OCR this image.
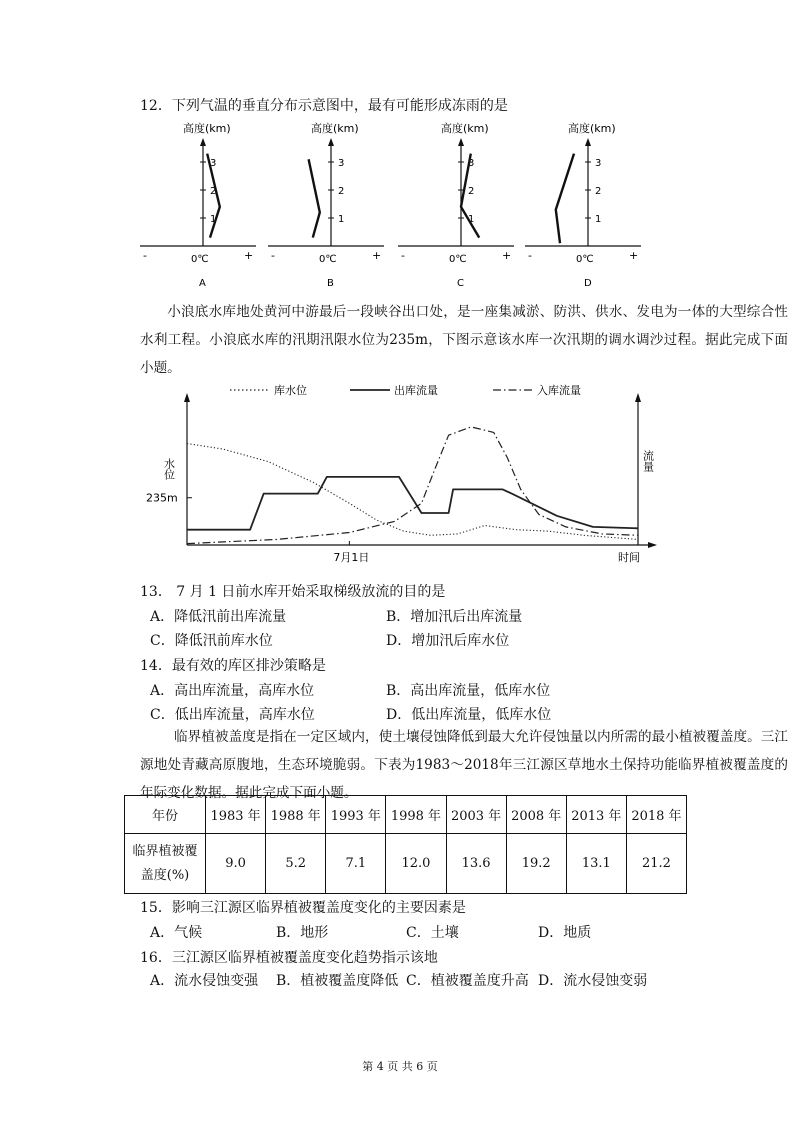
12．下列气温的垂直分布示意图中，最有可能形成冻雨的是
高度(km)
1
2
3
-	0℃	+
A
高度(km)
1
2
3
-	0℃	+
B
高度(km)
1
2
3
-	0℃	+
C
高度(km)
1
2
3
-	0℃	+
D
小浪底水库地处黄河中游最后一段峡谷出口处，是一座集减淤、防洪、供水、发电为一体的大型综合性水利工程。小浪底水库的汛期汛限水位为235m，下图示意该水库一次汛期的调水调沙过程。据此完成下面小题。
库水位	出库流量	入库流量
水位	流量
235m
7月1日	时间
13． 7 月 1 日前水库开始采取梯级放流的目的是
A．降低汛前出库流量	B．增加汛后出库流量
C．降低汛前库水位	D．增加汛后库水位
14．最有效的库区排沙策略是
A．高出库流量，高库水位	B．高出库流量，低库水位
C．低出库流量，高库水位	D．低出库流量，低库水位
临界植被盖度是指在一定区域内，使土壤侵蚀降低到最大允许侵蚀量以内所需的最小植被覆盖度。三江源地处青藏高原腹地，生态环境脆弱。下表为1983～2018年三江源区草地水土保持功能临界植被覆盖度的年际变化数据。据此完成下面小题。
年份	1983 年	1988 年	1993 年	1998 年	2003 年	2008 年	2013 年	2018 年
临界植被覆盖度(%)	9.0	5.2	7.1	12.0	13.6	19.2	13.1	21.2
15．影响三江源区临界植被覆盖度变化的主要因素是
A．气候	B．地形	C．土壤	D．地质
16．三江源区临界植被覆盖度变化趋势指示该地
A．流水侵蚀变强 B．植被覆盖度降低 C．植被覆盖度升高 D．流水侵蚀变弱
第 4 页 共 6 页
